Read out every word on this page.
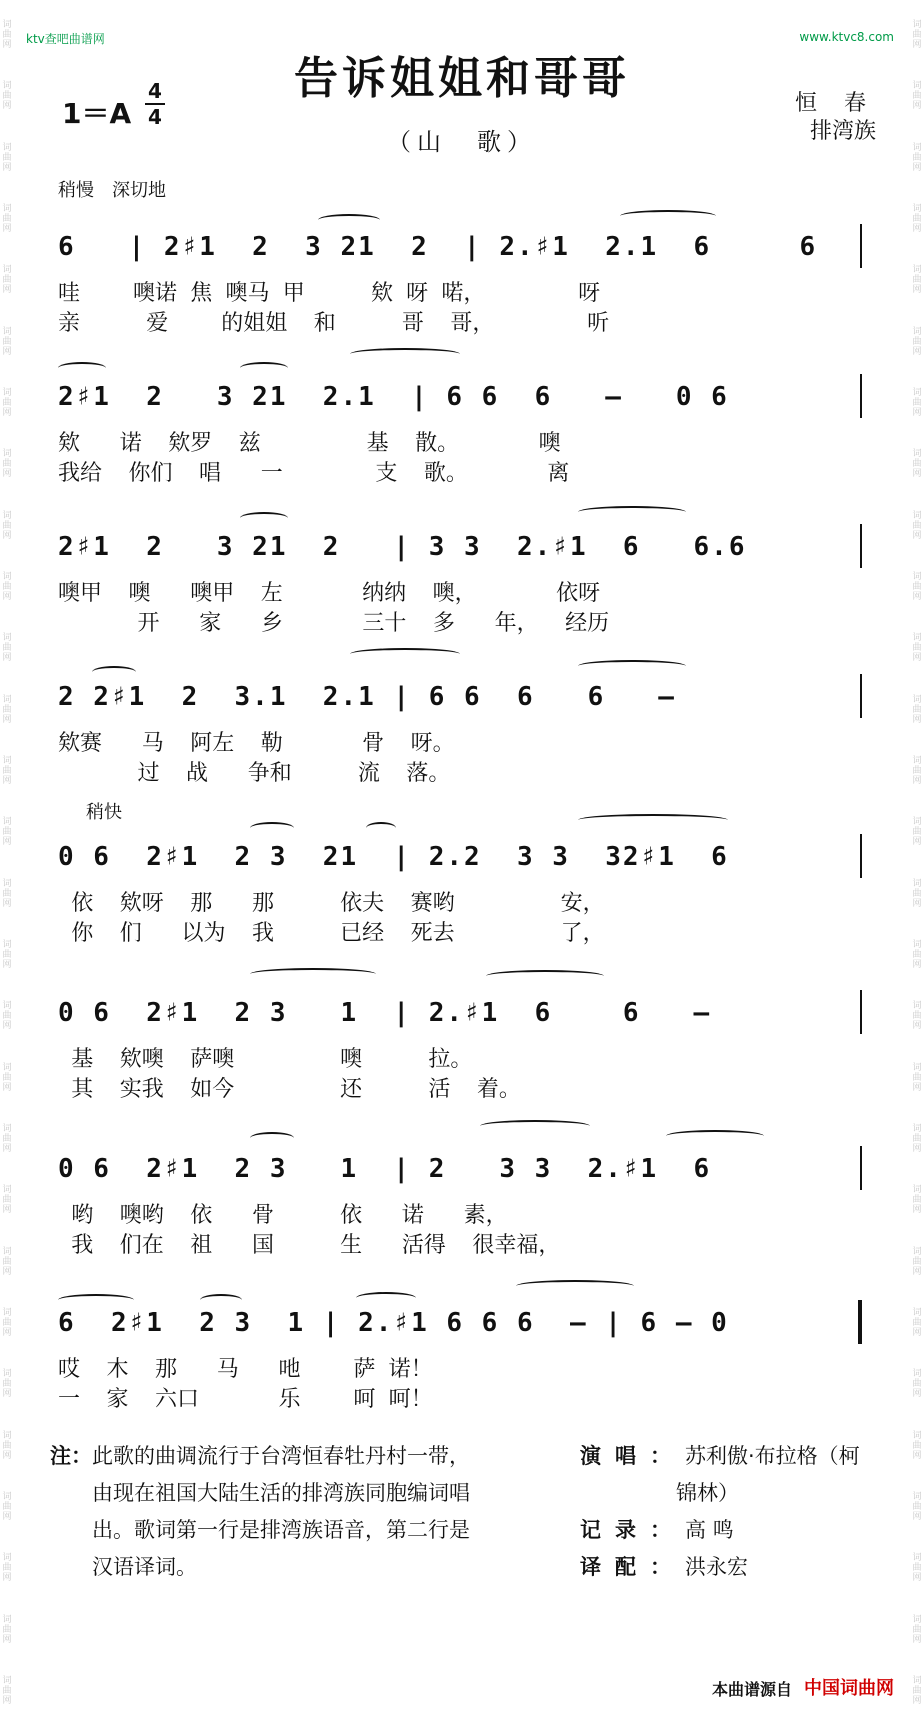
词曲网
词曲网
词曲网
词曲网
词曲网
词曲网
词曲网
词曲网
词曲网
词曲网
词曲网
词曲网
词曲网
词曲网
词曲网
词曲网
词曲网
词曲网
词曲网
词曲网
词曲网
词曲网
词曲网
词曲网
词曲网
词曲网
词曲网
词曲网
词曲网
词曲网
词曲网
词曲网
词曲网
词曲网
词曲网
词曲网
词曲网
词曲网
词曲网
词曲网
词曲网
词曲网
词曲网
词曲网
词曲网
词曲网
词曲网
词曲网
词曲网
词曲网
词曲网
词曲网
词曲网
词曲网
词曲网
词曲网
ktv查吧曲谱网	www.ktvc8.com
告诉姐姐和哥哥
（山　歌）
1＝A
4
4
恒 春
排湾族
稍慢　深切地
稍快
6   | 2♯1  2  3 21  2  | 2.♯1  2.1  6     6
哇    噢诺 焦 噢马 甲     欸 呀 喏，       呀
亲     爱    的姐姐  和     哥  哥，       听
2♯1  2   3 21  2.1  | 6 6  6   –   0 6
欸   诺  欸罗  兹        基  散。      噢
我给  你们  唱   一       支  歌。      离
2♯1  2   3 21  2   | 3 3  2.♯1  6   6.6
噢甲  噢   噢甲  左      纳纳  噢，      依呀
开   家   乡      三十  多   年，  经历
2 2♯1  2  3.1  2.1 | 6 6  6   6   –
欸赛   马  阿左  勒      骨  呀。
过  战   争和     流  落。
0 6  2♯1  2 3  21  | 2.2  3 3  32♯1  6
依  欸呀  那   那     依夫  赛哟        安，
你  们   以为  我     已经  死去        了，
0 6  2♯1  2 3   1  | 2.♯1  6    6   –
基  欸噢  萨噢        噢     拉。
其  实我  如今        还     活  着。
0 6  2♯1  2 3   1  | 2   3 3  2.♯1  6
哟  噢哟  依   骨     依   诺   素，
我  们在  祖   国     生   活得  很幸福，
6  2♯1  2 3  1 | 2.♯1 6 6 6  – | 6 – 0
哎  木  那   马   吔    萨 诺！
一  家  六口      乐    呵 呵！
注：此歌的曲调流行于台湾恒春牡丹村一带，
由现在祖国大陆生活的排湾族同胞编词唱
出。歌词第一行是排湾族语音，第二行是
汉语译词。
演唱：苏利傲·布拉格（柯
锦林）
记录：高 鸣
译配：洪永宏
本曲谱源自 中国词曲网
